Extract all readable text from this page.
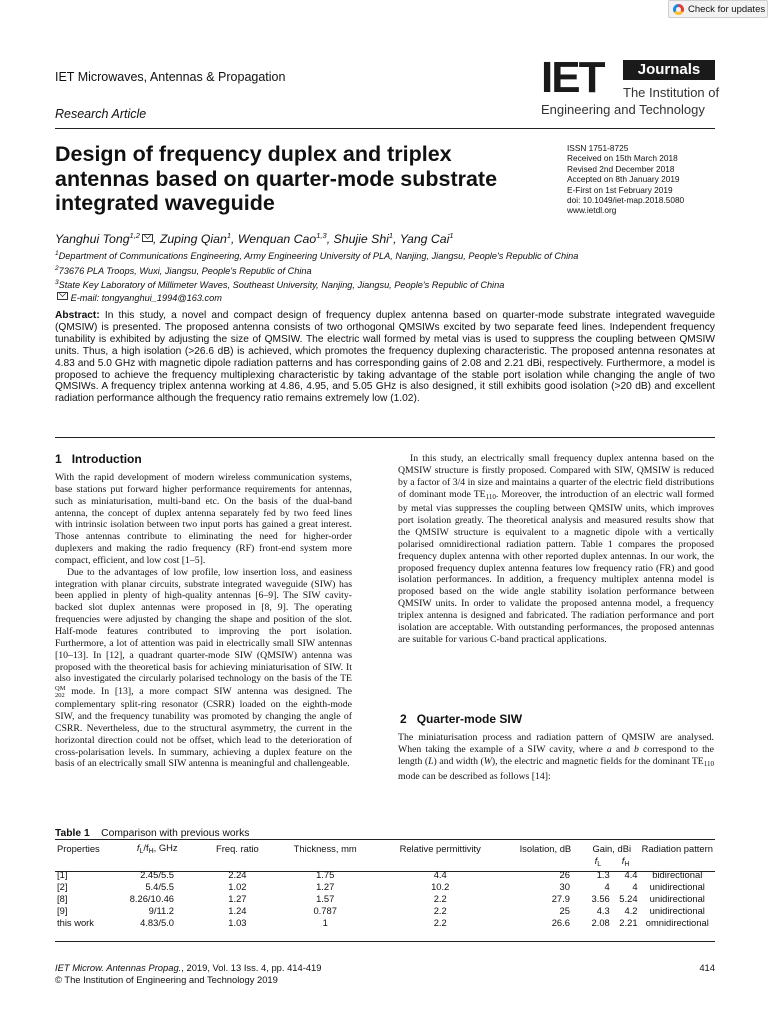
Check for updates
IET Microwaves, Antennas & Propagation
Research Article
IET	Journals
The Institution of
Engineering and Technology
Design of frequency duplex and triplex antennas based on quarter-mode substrate integrated waveguide
ISSN 1751-8725
Received on 15th March 2018
Revised 2nd December 2018
Accepted on 8th January 2019
E-First on 1st February 2019
doi: 10.1049/iet-map.2018.5080
www.ietdl.org
Yanghui Tong$^{1,2}$ , Zuping Qian$^1$, Wenquan Cao$^{1,3}$, Shujie Shi$^1$, Yang Cai$^1$
$^1$Department of Communications Engineering, Army Engineering University of PLA, Nanjing, Jiangsu, People's Republic of China
$^2$73676 PLA Troops, Wuxi, Jiangsu, People's Republic of China
$^3$State Key Laboratory of Millimeter Waves, Southeast University, Nanjing, Jiangsu, People's Republic of China
E-mail: tongyanghui_1994@163.com
Abstract: In this study, a novel and compact design of frequency duplex antenna based on quarter-mode substrate integrated waveguide (QMSIW) is presented. The proposed antenna consists of two orthogonal QMSIWs excited by two separate feed lines. Independent frequency tunability is exhibited by adjusting the size of QMSIW. The electric wall formed by metal vias is used to suppress the coupling between QMSIW units. Thus, a high isolation (>26.6 dB) is achieved, which promotes the frequency duplexing characteristic. The proposed antenna resonates at 4.83 and 5.0 GHz with magnetic dipole radiation patterns and has corresponding gains of 2.08 and 2.21 dBi, respectively. Furthermore, a model is proposed to achieve the frequency multiplexing characteristic by taking advantage of the stable port isolation while changing the angle of two QMSIWs. A frequency triplex antenna working at 4.86, 4.95, and 5.05 GHz is also designed, it still exhibits good isolation (>20 dB) and excellent radiation performance although the frequency ratio remains extremely low (1.02).
1 Introduction

With the rapid development of modern wireless communication systems, base stations put forward higher performance requirements for antennas, such as miniaturisation, multi-band etc. On the basis of the dual-band antenna, the concept of duplex antenna separately fed by two feed lines with intrinsic isolation between two input ports has gained a great interest. Those antennas contribute to eliminating the need for higher-order duplexers and making the radio frequency (RF) front-end system more compact, efficient, and low cost [1–5].

Due to the advantages of low profile, low insertion loss, and easiness integration with planar circuits, substrate integrated waveguide (SIW) has been applied in plenty of high-quality antennas [6–9]. The SIW cavity-backed slot duplex antennas were proposed in [8, 9]. The operating frequencies were adjusted by changing the shape and position of the slot. Half-mode features contributed to improving the port isolation. Furthermore, a lot of attention was paid in electrically small SIW antennas [10–13]. In [12], a quadrant quarter-mode SIW (QMSIW) antenna was proposed with the theoretical basis for achieving miniaturisation of SIW. It also investigated the circularly polarised technology on the basis of the TEQM
202 mode. In [13], a more compact SIW antenna was designed. The complementary split-ring resonator (CSRR) loaded on the eighth-mode SIW, and the frequency tunability was promoted by changing the angle of CSRR. Nevertheless, due to the structural asymmetry, the current in the horizontal direction could not be offset, which lead to the deterioration of cross-polarisation levels. In summary, achieving a duplex feature on the basis of an electrically small SIW antenna is meaningful and challengeable.

In this study, an electrically small frequency duplex antenna based on the QMSIW structure is firstly proposed. Compared with SIW, QMSIW is reduced by a factor of 3/4 in size and maintains a quarter of the electric field distributions of dominant mode $TE_{110}$. Moreover, the introduction of an electric wall formed by metal vias suppresses the coupling between QMSIW units, which improves port isolation greatly. The theoretical analysis and measured results show that the QMSIW structure is equivalent to a magnetic dipole with a vertically polarised omnidirectional radiation pattern. Table 1 compares the proposed frequency duplex antenna with other reported duplex antennas. In our work, the proposed frequency duplex antenna features low frequency ratio (FR) and good isolation performances. In addition, a frequency multiplex antenna model is proposed based on the wide angle stability isolation performance between QMSIW units. In order to validate the proposed antenna model, a frequency triplex antenna is designed and fabricated. The radiation performance and port isolation are acceptable. With outstanding performances, the proposed antennas are suitable for various C-band practical applications.

2 Quarter-mode SIW

The miniaturisation process and radiation pattern of QMSIW are analysed. When taking the example of a SIW cavity, where a and b correspond to the length (L) and width (W), the electric and magnetic fields for the dominant $TE_{110}$ mode can be described as follows [14]:

Table 1 Comparison with previous works
Properties	$f_L/f_H$, GHz	Freq. ratio	Thickness, mm	Relative permittivity	Isolation, dB	Gain, dBi		Radiation pattern
						$f_L$	$f_H$	
[1]	2.45/5.5	2.24	1.75	4.4	26	1.3	4.4	bidirectional
[2]	5.4/5.5	1.02	1.27	10.2	30	4	4	unidirectional
[8]	8.26/10.46	1.27	1.57	2.2	27.9	3.56	5.24	unidirectional
[9]	9/11.2	1.24	0.787	2.2	25	4.3	4.2	unidirectional
this work	4.83/5.0	1.03	1	2.2	26.6	2.08	2.21	omnidirectional
IET Microw. Antennas Propag., 2019, Vol. 13 Iss. 4, pp. 414-419
© The Institution of Engineering and Technology 2019
414
